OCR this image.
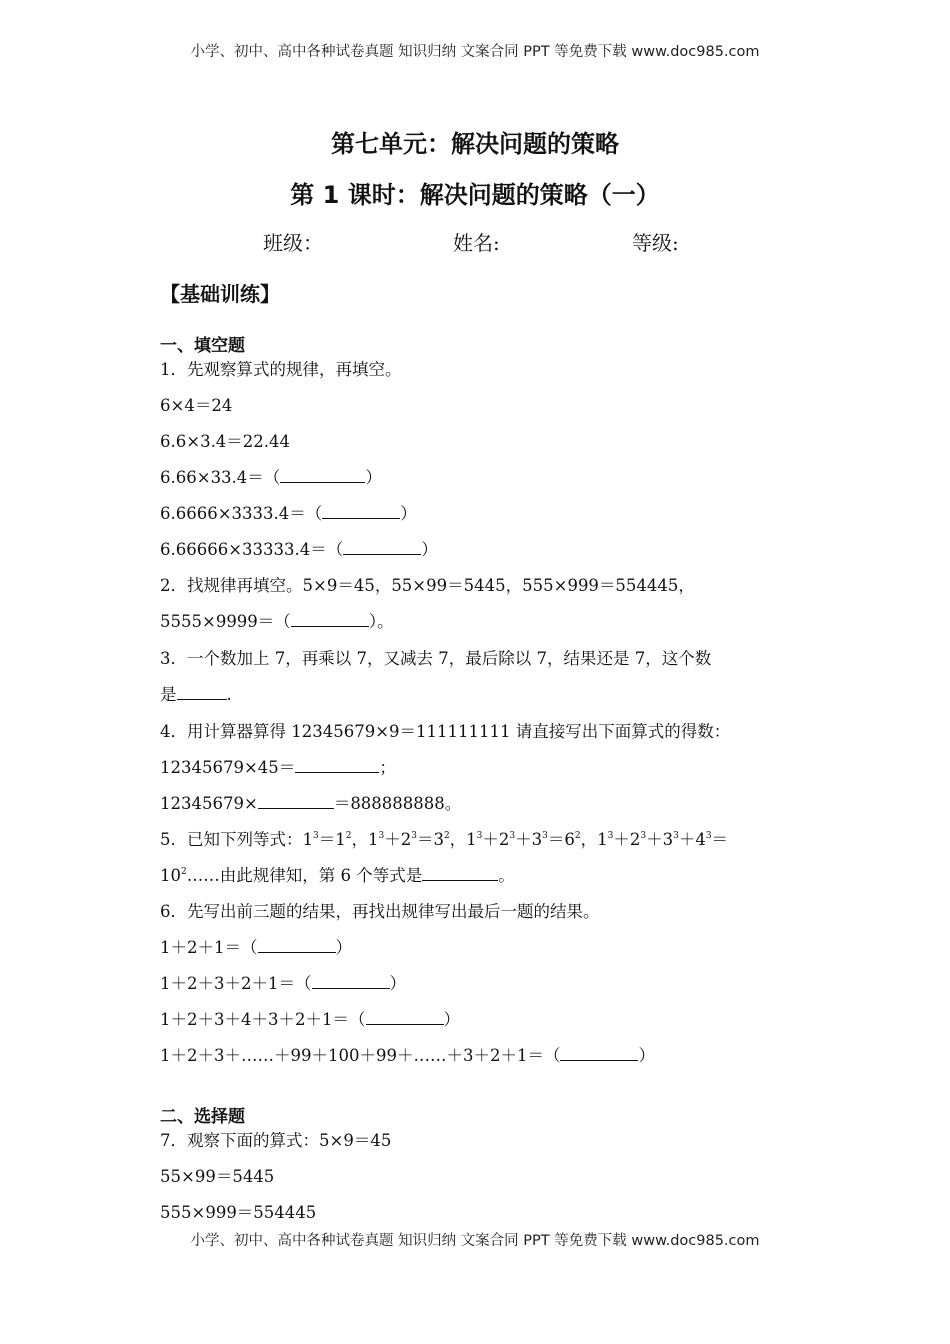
小学、初中、高中各种试卷真题 知识归纳 文案合同 PPT 等免费下载 www.doc985.com
第七单元：解决问题的策略
第 1 课时：解决问题的策略（一）
班级：	姓名:	等级:
【基础训练】
一、填空题
1．先观察算式的规律，再填空。
6×4＝24
6.6×3.4＝22.44
6.66×33.4＝（	）
6.6666×3333.4＝（	）
6.66666×33333.4＝（	）
2．找规律再填空。5×9＝45，55×99＝5445，555×999＝554445，
5555×9999＝（	）。
3．一个数加上 7，再乘以 7，又减去 7，最后除以 7，结果还是 7，这个数
是	.
4．用计算器算得 12345679×9＝111111111 请直接写出下面算式的得数：
12345679×45＝	；
12345679×	＝888888888。
5．已知下列等式：$1^3=1^2$，$1^3+2^3=3^2$，$1^3+2^3+3^3=6^2$，$1^3+2^3+3^3+4^3=$
$10^2\dots\dots$由此规律知，第 6 个等式是	。
6．先写出前三题的结果，再找出规律写出最后一题的结果。
1＋2＋1＝（	）
1＋2＋3＋2＋1＝（	）
1＋2＋3＋4＋3＋2＋1＝（	）
1＋2＋3＋……＋99＋100＋99＋……＋3＋2＋1＝（	）
二、选择题
7．观察下面的算式：5×9＝45
55×99＝5445
555×999＝554445
小学、初中、高中各种试卷真题 知识归纳 文案合同 PPT 等免费下载 www.doc985.com
